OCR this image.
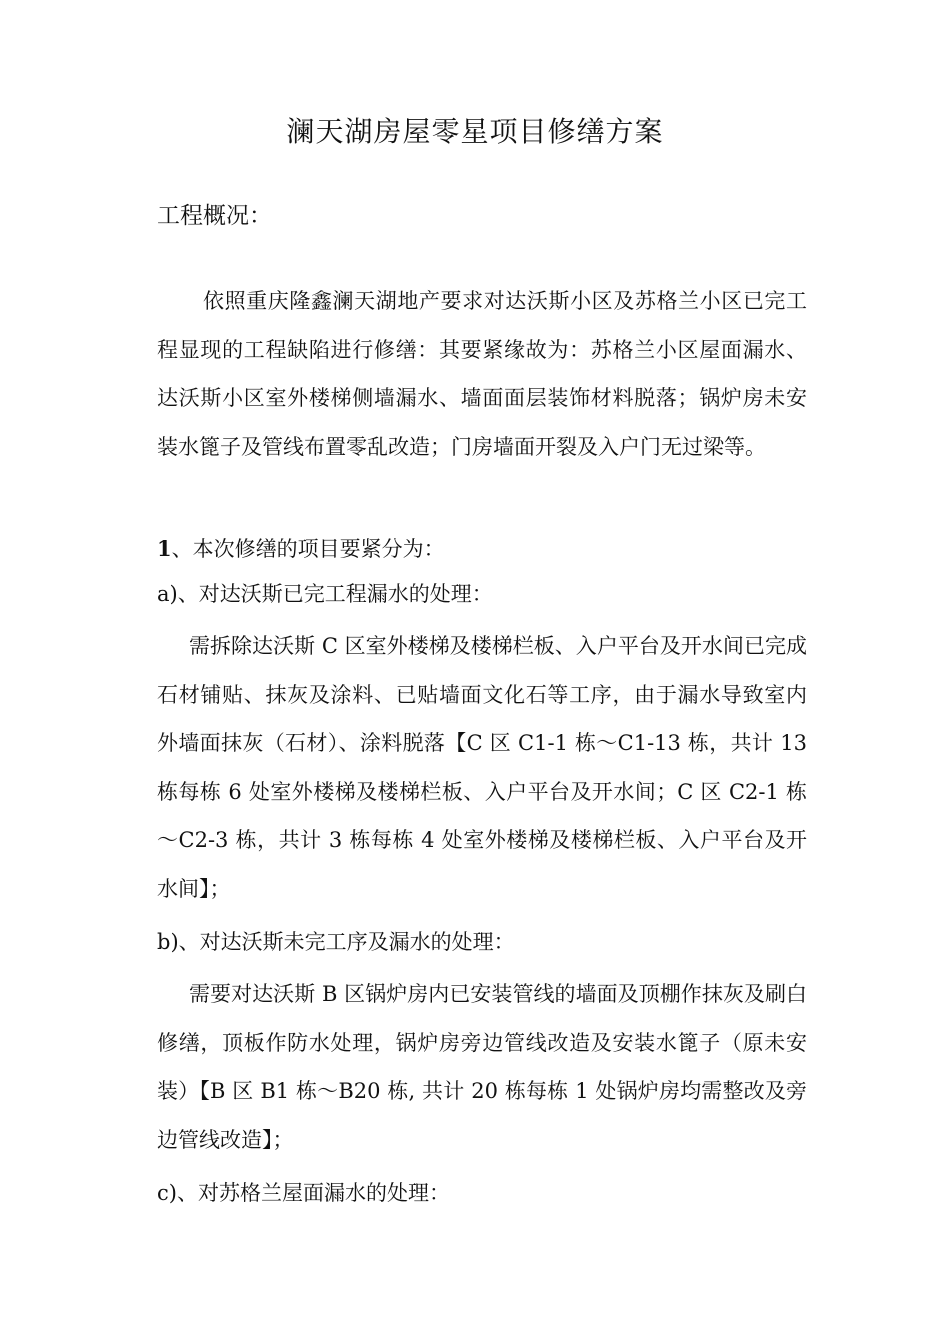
澜天湖房屋零星项目修缮方案
工程概况：
依照重庆隆鑫澜天湖地产要求对达沃斯小区及苏格兰小区已完工程显现的工程缺陷进行修缮：其要紧缘故为：苏格兰小区屋面漏水、达沃斯小区室外楼梯侧墙漏水、墙面面层装饰材料脱落；锅炉房未安装水篦子及管线布置零乱改造；门房墙面开裂及入户门无过梁等。
1、本次修缮的项目要紧分为：
a)、对达沃斯已完工程漏水的处理：
需拆除达沃斯 C 区室外楼梯及楼梯栏板、入户平台及开水间已完成石材铺贴、抹灰及涂料、已贴墙面文化石等工序，由于漏水导致室内外墙面抹灰（石材）、涂料脱落【C 区 C1-1 栋～C1-13 栋，共计 13 栋每栋 6 处室外楼梯及楼梯栏板、入户平台及开水间；C 区 C2-1 栋～C2-3 栋，共计 3 栋每栋 4 处室外楼梯及楼梯栏板、入户平台及开水间】；
b)、对达沃斯未完工序及漏水的处理：
需要对达沃斯 B 区锅炉房内已安装管线的墙面及顶棚作抹灰及刷白修缮，顶板作防水处理，锅炉房旁边管线改造及安装水篦子（原未安装）【B 区 B1 栋～B20 栋, 共计 20 栋每栋 1 处锅炉房均需整改及旁边管线改造】；
c)、对苏格兰屋面漏水的处理：
